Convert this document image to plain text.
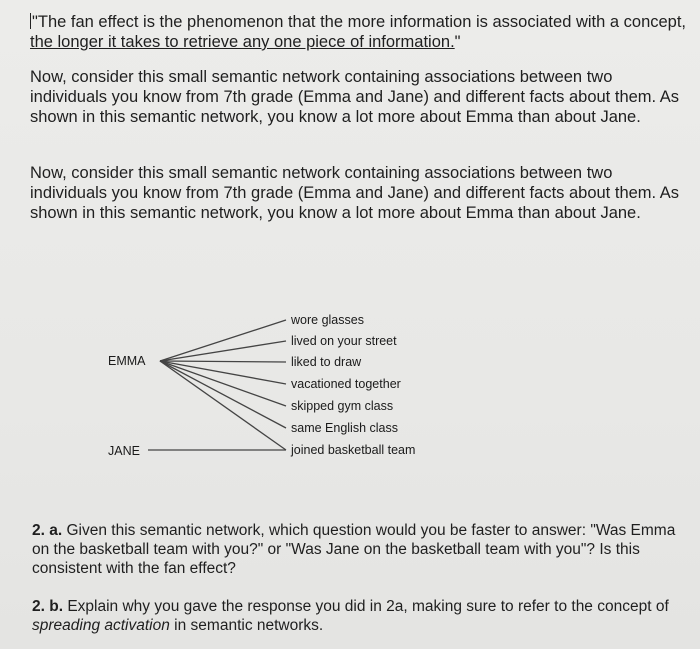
"The fan effect is the phenomenon that the more information is associated with a concept, the longer it takes to retrieve any one piece of information."

Now, consider this small semantic network containing associations between two individuals you know from 7th grade (Emma and Jane) and different facts about them. As shown in this semantic network, you know a lot more about Emma than about Jane.

Now, consider this small semantic network containing associations between two individuals you know from 7th grade (Emma and Jane) and different facts about them. As shown in this semantic network, you know a lot more about Emma than about Jane.

EMMA
JANE
wore glasses
lived on your street
liked to draw
vacationed together
skipped gym class
same English class
joined basketball team

2. a. Given this semantic network, which question would you be faster to answer: "Was Emma on the basketball team with you?" or "Was Jane on the basketball team with you"? Is this consistent with the fan effect?

2. b. Explain why you gave the response you did in 2a, making sure to refer to the concept of spreading activation in semantic networks.
